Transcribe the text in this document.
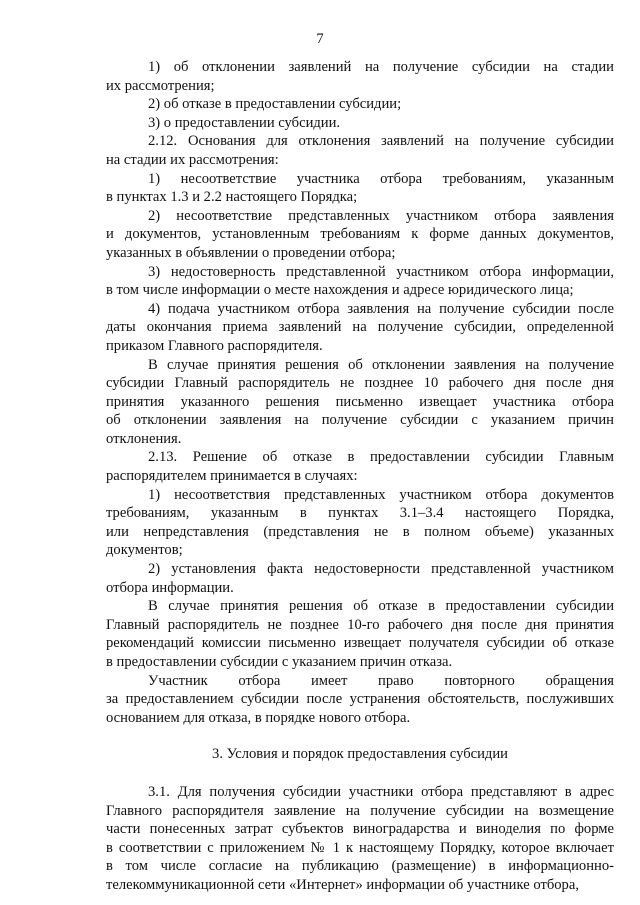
7
1) об отклонении заявлений на получение субсидии на стадии
их рассмотрения;
2) об отказе в предоставлении субсидии;
3) о предоставлении субсидии.
2.12. Основания для отклонения заявлений на получение субсидии
на стадии их рассмотрения:
1) несоответствие участника отбора требованиям, указанным
в пунктах 1.3 и 2.2 настоящего Порядка;
2) несоответствие представленных участником отбора заявления
и документов, установленным требованиям к форме данных документов,
указанных в объявлении о проведении отбора;
3) недостоверность представленной участником отбора информации,
в том числе информации о месте нахождения и адресе юридического лица;
4) подача участником отбора заявления на получение субсидии после
даты окончания приема заявлений на получение субсидии, определенной
приказом Главного распорядителя.
В случае принятия решения об отклонении заявления на получение
субсидии Главный распорядитель не позднее 10 рабочего дня после дня
принятия указанного решения письменно извещает участника отбора
об отклонении заявления на получение субсидии с указанием причин
отклонения.
2.13. Решение об отказе в предоставлении субсидии Главным
распорядителем принимается в случаях:
1) несоответствия представленных участником отбора документов
требованиям, указанным в пунктах 3.1–3.4 настоящего Порядка,
или непредставления (представления не в полном объеме) указанных
документов;
2) установления факта недостоверности представленной участником
отбора информации.
В случае принятия решения об отказе в предоставлении субсидии
Главный распорядитель не позднее 10-го рабочего дня после дня принятия
рекомендаций комиссии письменно извещает получателя субсидии об отказе
в предоставлении субсидии с указанием причин отказа.
Участник отбора имеет право повторного обращения
за предоставлением субсидии после устранения обстоятельств, послуживших
основанием для отказа, в порядке нового отбора.
3. Условия и порядок предоставления субсидии
3.1. Для получения субсидии участники отбора представляют в адрес
Главного распорядителя заявление на получение субсидии на возмещение
части понесенных затрат субъектов виноградарства и виноделия по форме
в соответствии с приложением № 1 к настоящему Порядку, которое включает
в том числе согласие на публикацию (размещение) в информационно-
телекоммуникационной сети «Интернет» информации об участнике отбора,
